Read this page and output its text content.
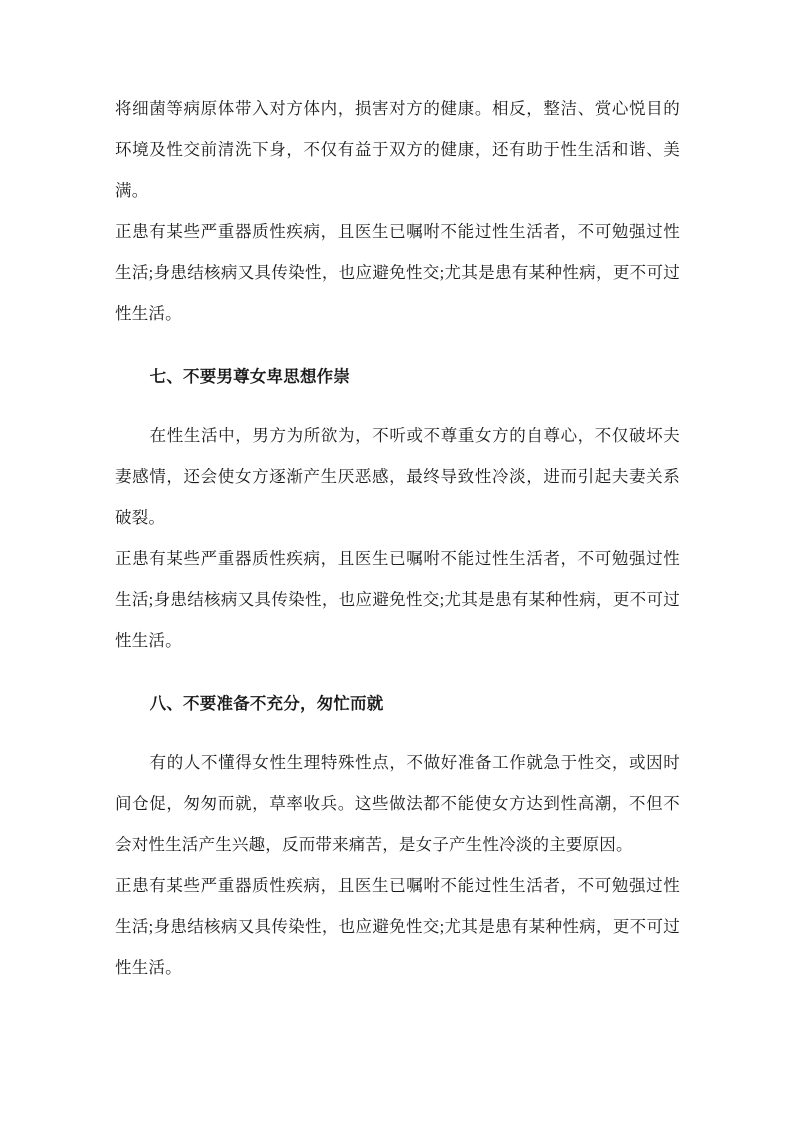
将细菌等病原体带入对方体内，损害对方的健康。相反，整洁、赏心悦目的环境及性交前清洗下身，不仅有益于双方的健康，还有助于性生活和谐、美满。

正患有某些严重器质性疾病，且医生已嘱咐不能过性生活者，不可勉强过性生活;身患结核病又具传染性，也应避免性交;尤其是患有某种性病，更不可过性生活。

七、不要男尊女卑思想作崇

在性生活中，男方为所欲为，不听或不尊重女方的自尊心，不仅破坏夫妻感情，还会使女方逐渐产生厌恶感，最终导致性冷淡，进而引起夫妻关系破裂。

正患有某些严重器质性疾病，且医生已嘱咐不能过性生活者，不可勉强过性生活;身患结核病又具传染性，也应避免性交;尤其是患有某种性病，更不可过性生活。

八、不要准备不充分，匆忙而就

有的人不懂得女性生理特殊性点，不做好准备工作就急于性交，或因时间仓促，匆匆而就，草率收兵。这些做法都不能使女方达到性高潮，不但不会对性生活产生兴趣，反而带来痛苦，是女子产生性冷淡的主要原因。

正患有某些严重器质性疾病，且医生已嘱咐不能过性生活者，不可勉强过性生活;身患结核病又具传染性，也应避免性交;尤其是患有某种性病，更不可过性生活。
